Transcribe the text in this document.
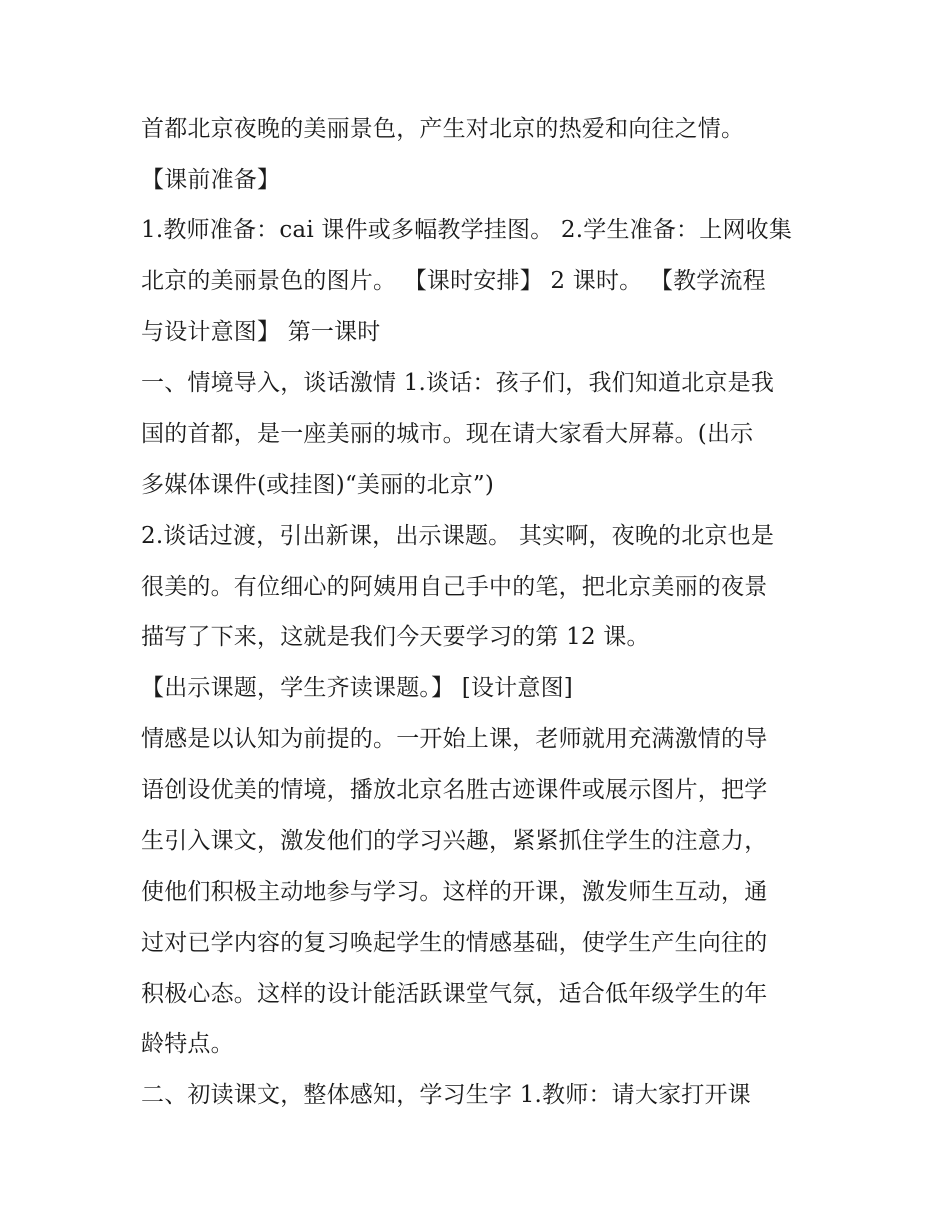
首都北京夜晚的美丽景色，产生对北京的热爱和向往之情。
【课前准备】
1.教师准备：cai 课件或多幅教学挂图。 2.学生准备：上网收集
北京的美丽景色的图片。 【课时安排】 2 课时。 【教学流程
与设计意图】 第一课时
一、情境导入，谈话激情 1.谈话：孩子们，我们知道北京是我
国的首都，是一座美丽的城市。现在请大家看大屏幕。(出示
多媒体课件(或挂图)“美丽的北京”)
2.谈话过渡，引出新课，出示课题。 其实啊，夜晚的北京也是
很美的。有位细心的阿姨用自己手中的笔，把北京美丽的夜景
描写了下来，这就是我们今天要学习的第 12 课。
【出示课题，学生齐读课题。】 [设计意图]
情感是以认知为前提的。一开始上课，老师就用充满激情的导
语创设优美的情境，播放北京名胜古迹课件或展示图片，把学
生引入课文，激发他们的学习兴趣，紧紧抓住学生的注意力，
使他们积极主动地参与学习。这样的开课，激发师生互动，通
过对已学内容的复习唤起学生的情感基础，使学生产生向往的
积极心态。这样的设计能活跃课堂气氛，适合低年级学生的年
龄特点。
二、初读课文，整体感知，学习生字 1.教师：请大家打开课
